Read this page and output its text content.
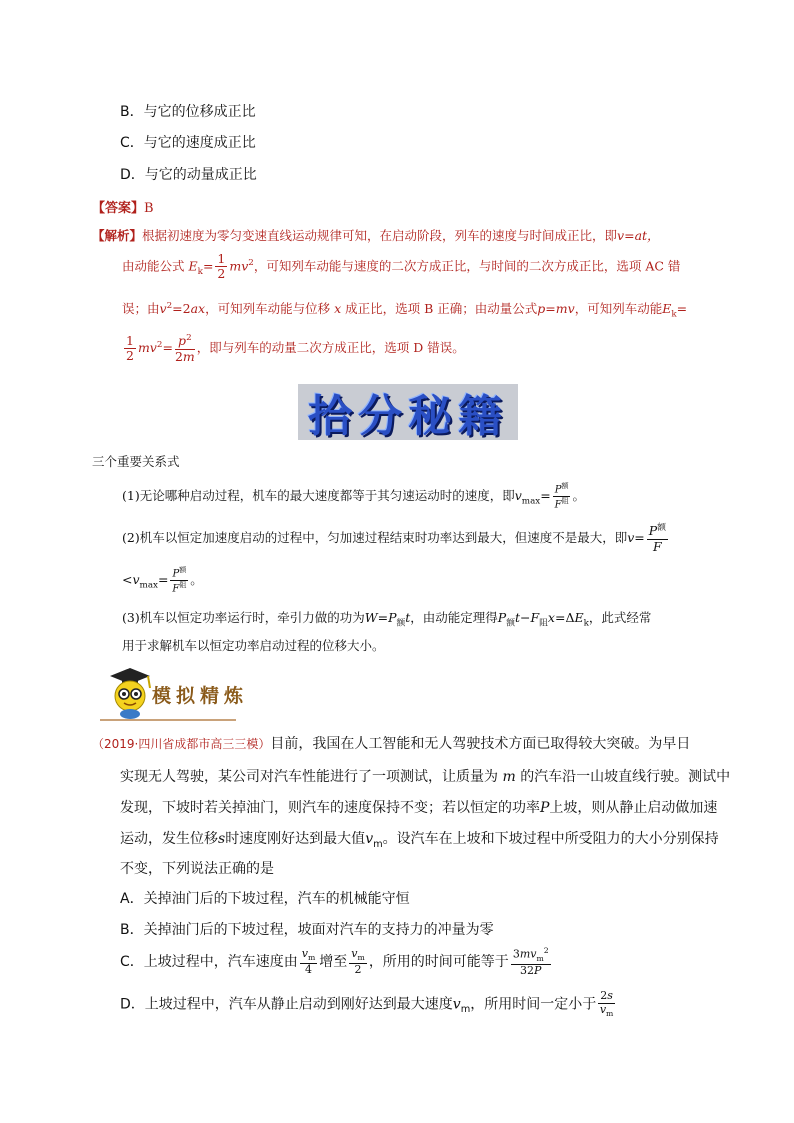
B．与它的位移成正比
C．与它的速度成正比
D．与它的动量成正比
【答案】B
【解析】根据初速度为零匀变速直线运动规律可知，在启动阶段，列车的速度与时间成正比，即v=at，
由动能公式 $E_k= \frac{1}{2} mv^2$，可知列车动能与速度的二次方成正比，与时间的二次方成正比，选项 AC 错
误；由$v^2=2ax$，可知列车动能与位移 x 成正比，选项 B 正确；由动量公式p=mv，可知列车动能$E_k=$
$\frac{1}{2} mv^2= \frac{p^2}{2m}$ ，即与列车的动量二次方成正比，选项 D 错误。
拾分秘籍
三个重要关系式
(1)无论哪种启动过程，机车的最大速度都等于其匀速运动时的速度，即$v_{max}= \frac{P^额}{F^阻}$ 。
(2)机车以恒定加速度启动的过程中，匀加速过程结束时功率达到最大，但速度不是最大，即$v= \frac{P^额}{F}$
$<v_{max}= \frac{P^额}{F^阻}$ 。
(3)机车以恒定功率运行时，牵引力做的功为$W=P_额t$，由动能定理得$P_额t-F_阻x=\Delta E_k$，此式经常
用于求解机车以恒定功率启动过程的位移大小。
模拟精炼
（2019·四川省成都市高三三模）目前，我国在人工智能和无人驾驶技术方面已取得较大突破。为早日
实现无人驾驶，某公司对汽车性能进行了一项测试，让质量为 m 的汽车沿一山坡直线行驶。测试中
发现，下坡时若关掉油门，则汽车的速度保持不变；若以恒定的功率P上坡，则从静止启动做加速
运动，发生位移s时速度刚好达到最大值$v_m$。设汽车在上坡和下坡过程中所受阻力的大小分别保持
不变，下列说法正确的是
A．关掉油门后的下坡过程，汽车的机械能守恒
B．关掉油门后的下坡过程，坡面对汽车的支持力的冲量为零
C．上坡过程中，汽车速度由 $\frac{v_m}{4}$ 增至 $\frac{v_m}{2}$ ，所用的时间可能等于 $\frac{3mv_m^2}{32P}$
D．上坡过程中，汽车从静止启动到刚好达到最大速度$v_m$，所用时间一定小于 $\frac{2s}{v_m}$
